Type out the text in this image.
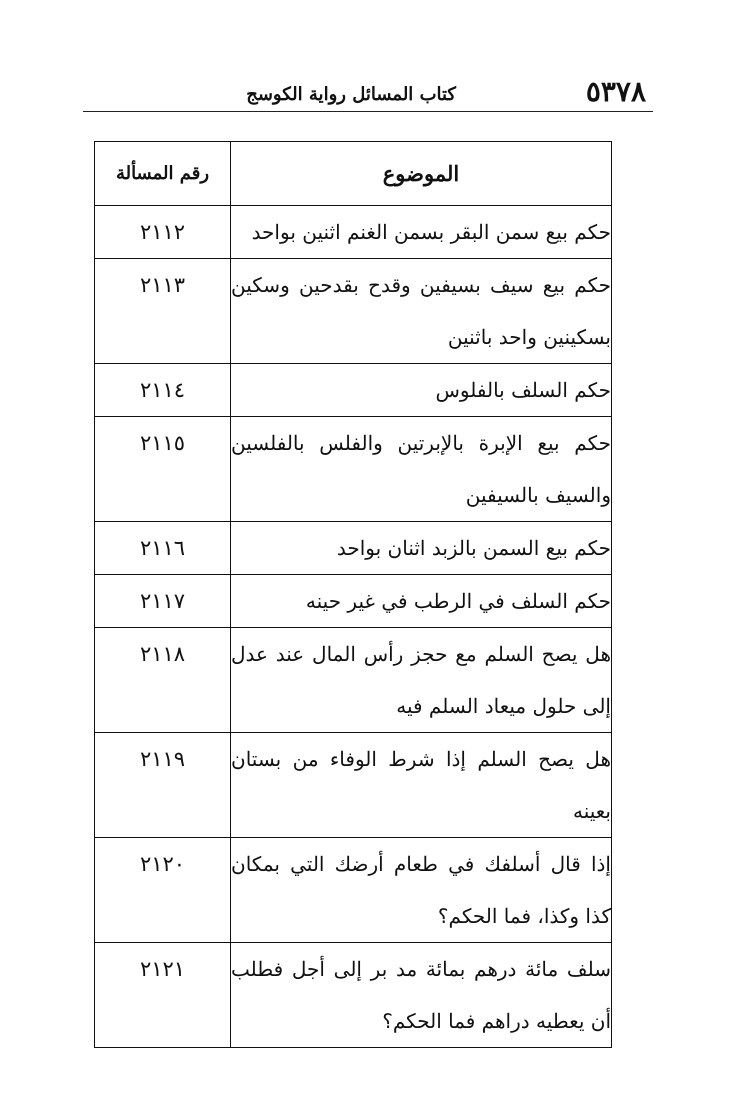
٥٣٧٨
كتاب المسائل رواية الكوسج
الموضوع	رقم المسألة
حكم بيع سمن البقر بسمن الغنم اثنين بواحد	٢١١٢
حكم بيع سيف بسيفين وقدح بقدحين وسكين بسكينين واحد باثنين	٢١١٣
حكم السلف بالفلوس	٢١١٤
حكم بيع الإبرة بالإبرتين والفلس بالفلسين والسيف بالسيفين	٢١١٥
حكم بيع السمن بالزبد اثنان بواحد	٢١١٦
حكم السلف في الرطب في غير حينه	٢١١٧
هل يصح السلم مع حجز رأس المال عند عدل إلى حلول ميعاد السلم فيه	٢١١٨
هل يصح السلم إذا شرط الوفاء من بستان بعينه	٢١١٩
إذا قال أسلفك في طعام أرضك التي بمكان كذا وكذا، فما الحكم؟	٢١٢٠
سلف مائة درهم بمائة مد بر إلى أجل فطلب أن يعطيه دراهم فما الحكم؟	٢١٢١
